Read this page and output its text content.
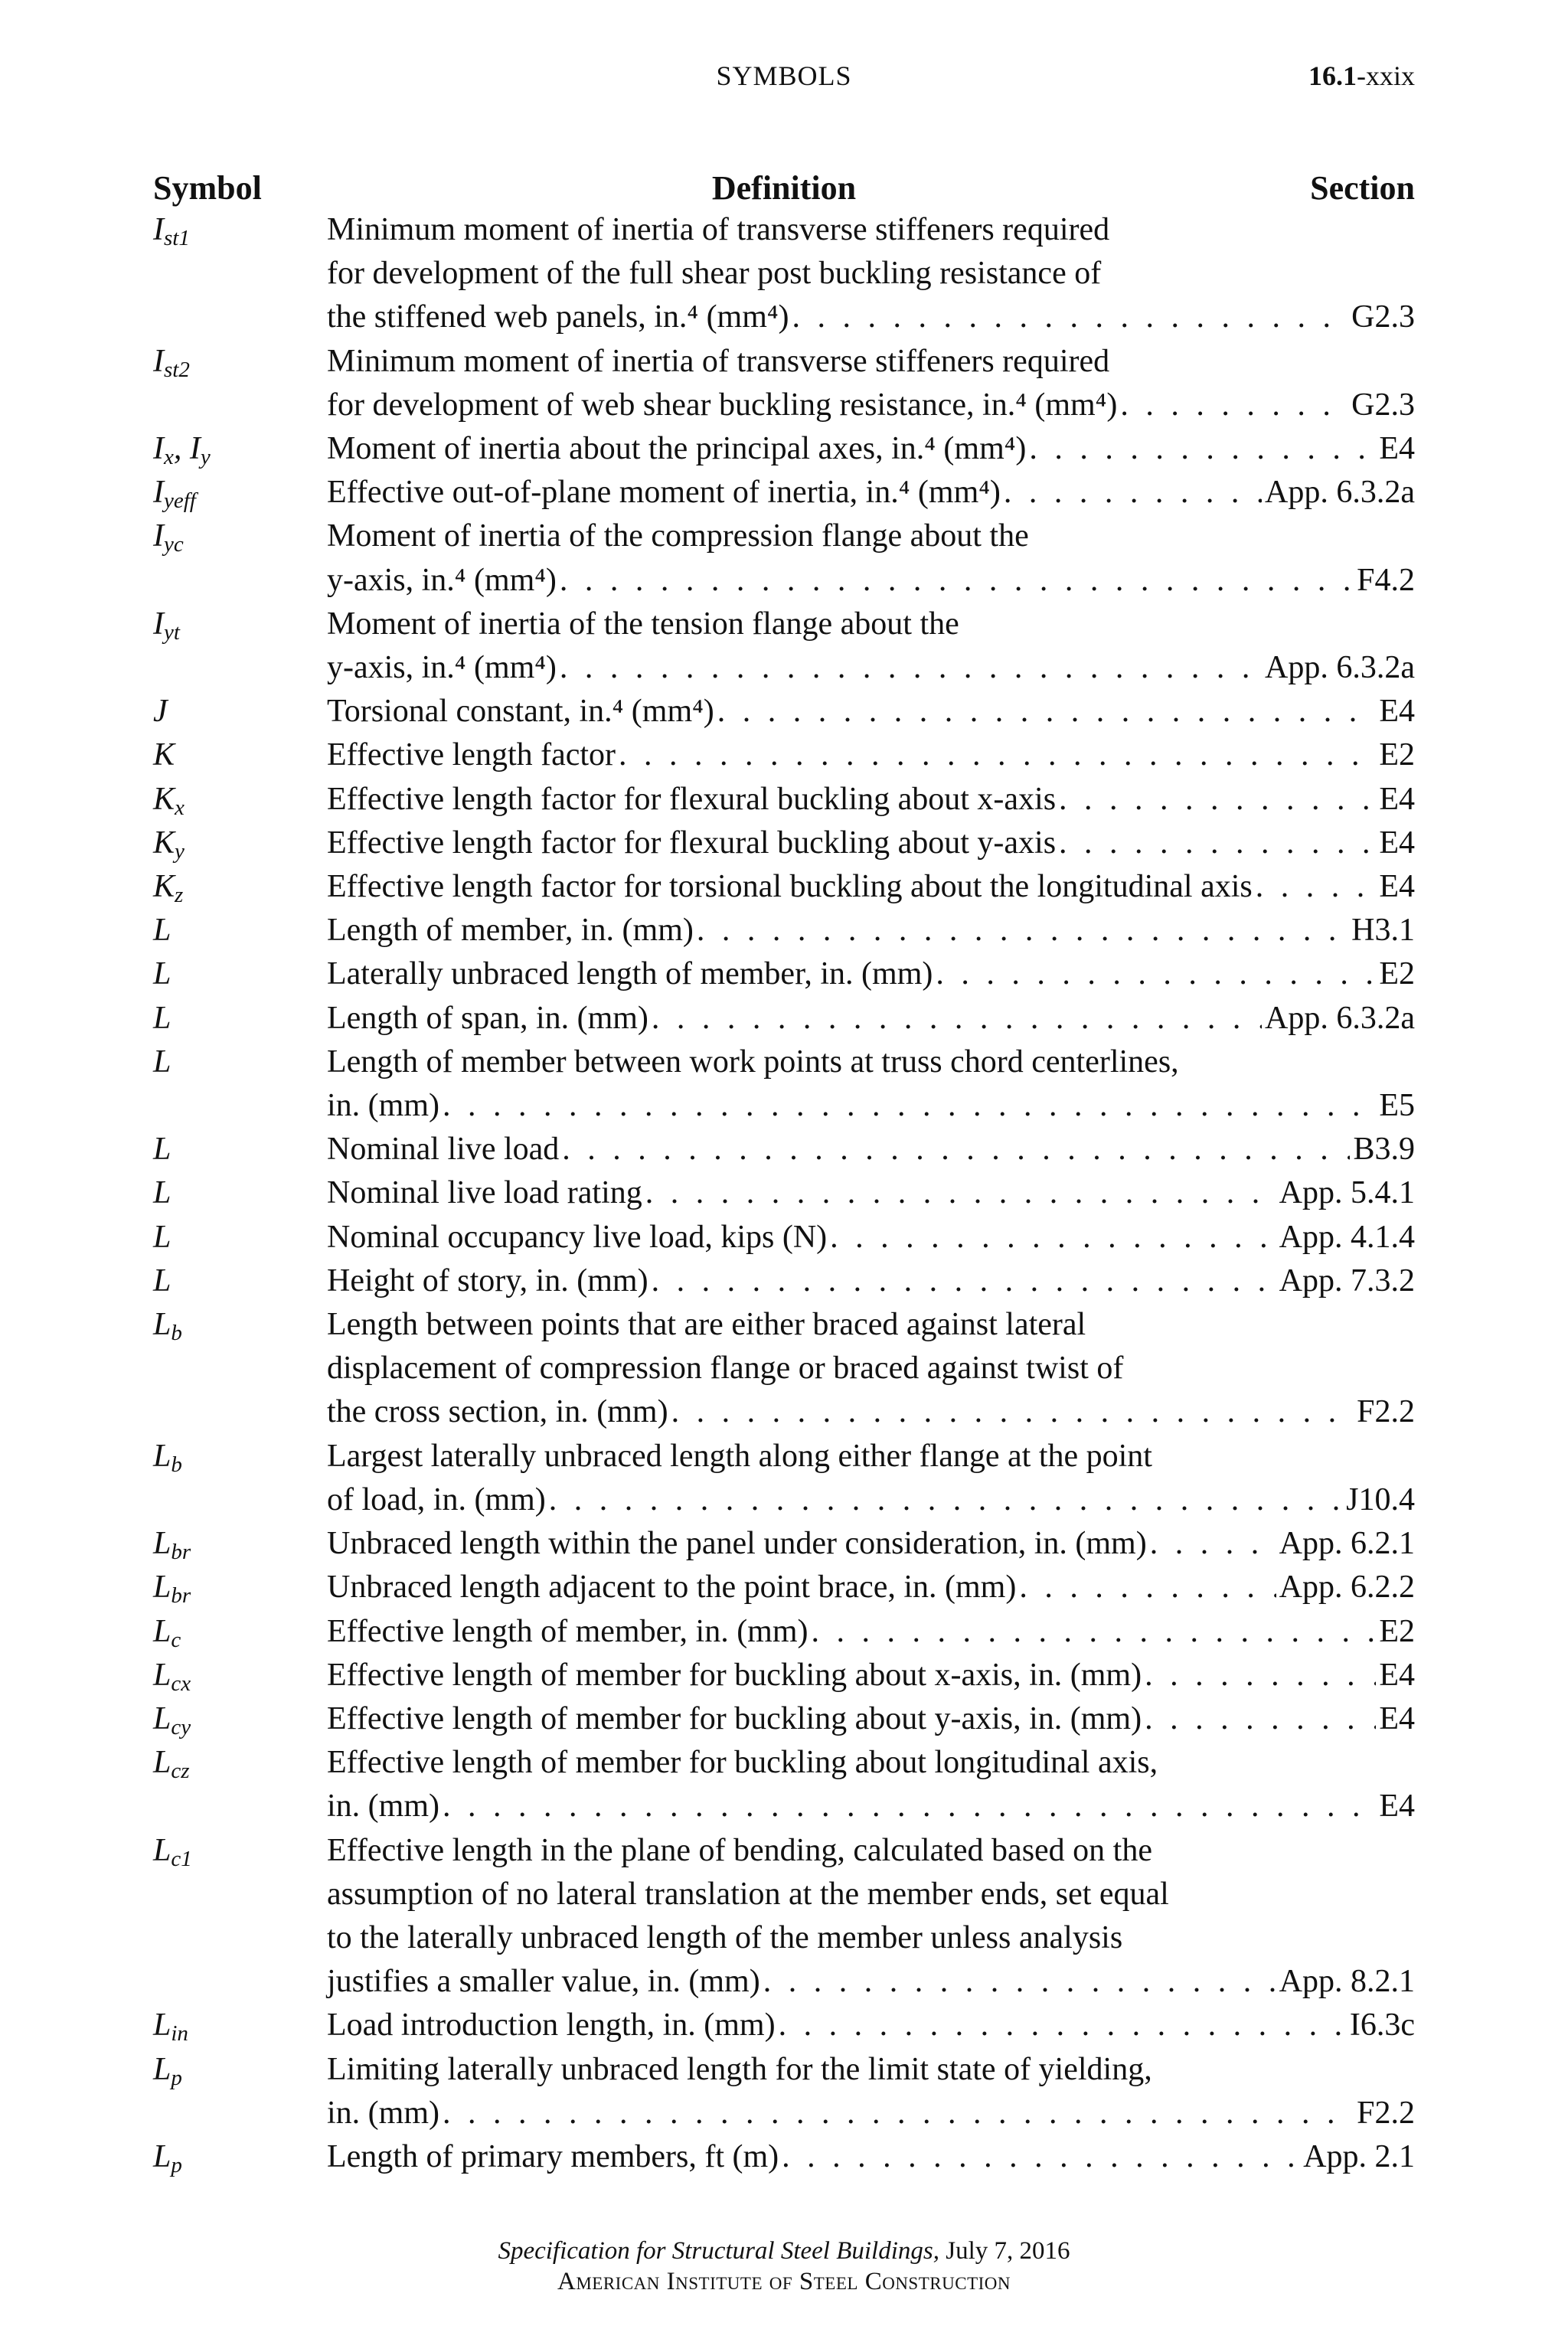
SYMBOLS	16.1-xxix
Symbol	Definition	Section
$I_{st1}$	Minimum moment of inertia of transverse stiffeners required
for development of the full shear post buckling resistance of
the stiffened web panels, in.⁴ (mm⁴) . . .	G2.3
$I_{st2}$	Minimum moment of inertia of transverse stiffeners required
for development of web shear buckling resistance, in.⁴ (mm⁴) . . .	G2.3
$I_x$, $I_y$	Moment of inertia about the principal axes, in.⁴ (mm⁴) . . .	E4
$I_{yeff}$	Effective out-of-plane moment of inertia, in.⁴ (mm⁴) . . .	App. 6.3.2a
$I_{yc}$	Moment of inertia of the compression flange about the
y-axis, in.⁴ (mm⁴) . . .	F4.2
$I_{yt}$	Moment of inertia of the tension flange about the
y-axis, in.⁴ (mm⁴) . . .	App. 6.3.2a
J	Torsional constant, in.⁴ (mm⁴) . . .	E4
K	Effective length factor . . .	E2
$K_x$	Effective length factor for flexural buckling about x-axis . . .	E4
$K_y$	Effective length factor for flexural buckling about y-axis . . .	E4
$K_z$	Effective length factor for torsional buckling about the longitudinal axis . . .	E4
L	Length of member, in. (mm) . . .	H3.1
L	Laterally unbraced length of member, in. (mm) . . .	E2
L	Length of span, in. (mm) . . .	App. 6.3.2a
L	Length of member between work points at truss chord centerlines,
in. (mm) . . .	E5
L	Nominal live load . . .	B3.9
L	Nominal live load rating . . .	App. 5.4.1
L	Nominal occupancy live load, kips (N) . . .	App. 4.1.4
L	Height of story, in. (mm) . . .	App. 7.3.2
$L_b$	Length between points that are either braced against lateral
displacement of compression flange or braced against twist of
the cross section, in. (mm) . . .	F2.2
$L_b$	Largest laterally unbraced length along either flange at the point
of load, in. (mm) . . .	J10.4
$L_{br}$	Unbraced length within the panel under consideration, in. (mm) . . .	App. 6.2.1
$L_{br}$	Unbraced length adjacent to the point brace, in. (mm) . . .	App. 6.2.2
$L_c$	Effective length of member, in. (mm) . . .	E2
$L_{cx}$	Effective length of member for buckling about x-axis, in. (mm) . . .	E4
$L_{cy}$	Effective length of member for buckling about y-axis, in. (mm) . . .	E4
$L_{cz}$	Effective length of member for buckling about longitudinal axis,
in. (mm) . . .	E4
$L_{c1}$	Effective length in the plane of bending, calculated based on the
assumption of no lateral translation at the member ends, set equal
to the laterally unbraced length of the member unless analysis
justifies a smaller value, in. (mm) . . .	App. 8.2.1
$L_{in}$	Load introduction length, in. (mm) . . .	I6.3c
$L_p$	Limiting laterally unbraced length for the limit state of yielding,
in. (mm) . . .	F2.2
$L_p$	Length of primary members, ft (m) . . .	App. 2.1
Specification for Structural Steel Buildings, July 7, 2016
American Institute of Steel Construction
